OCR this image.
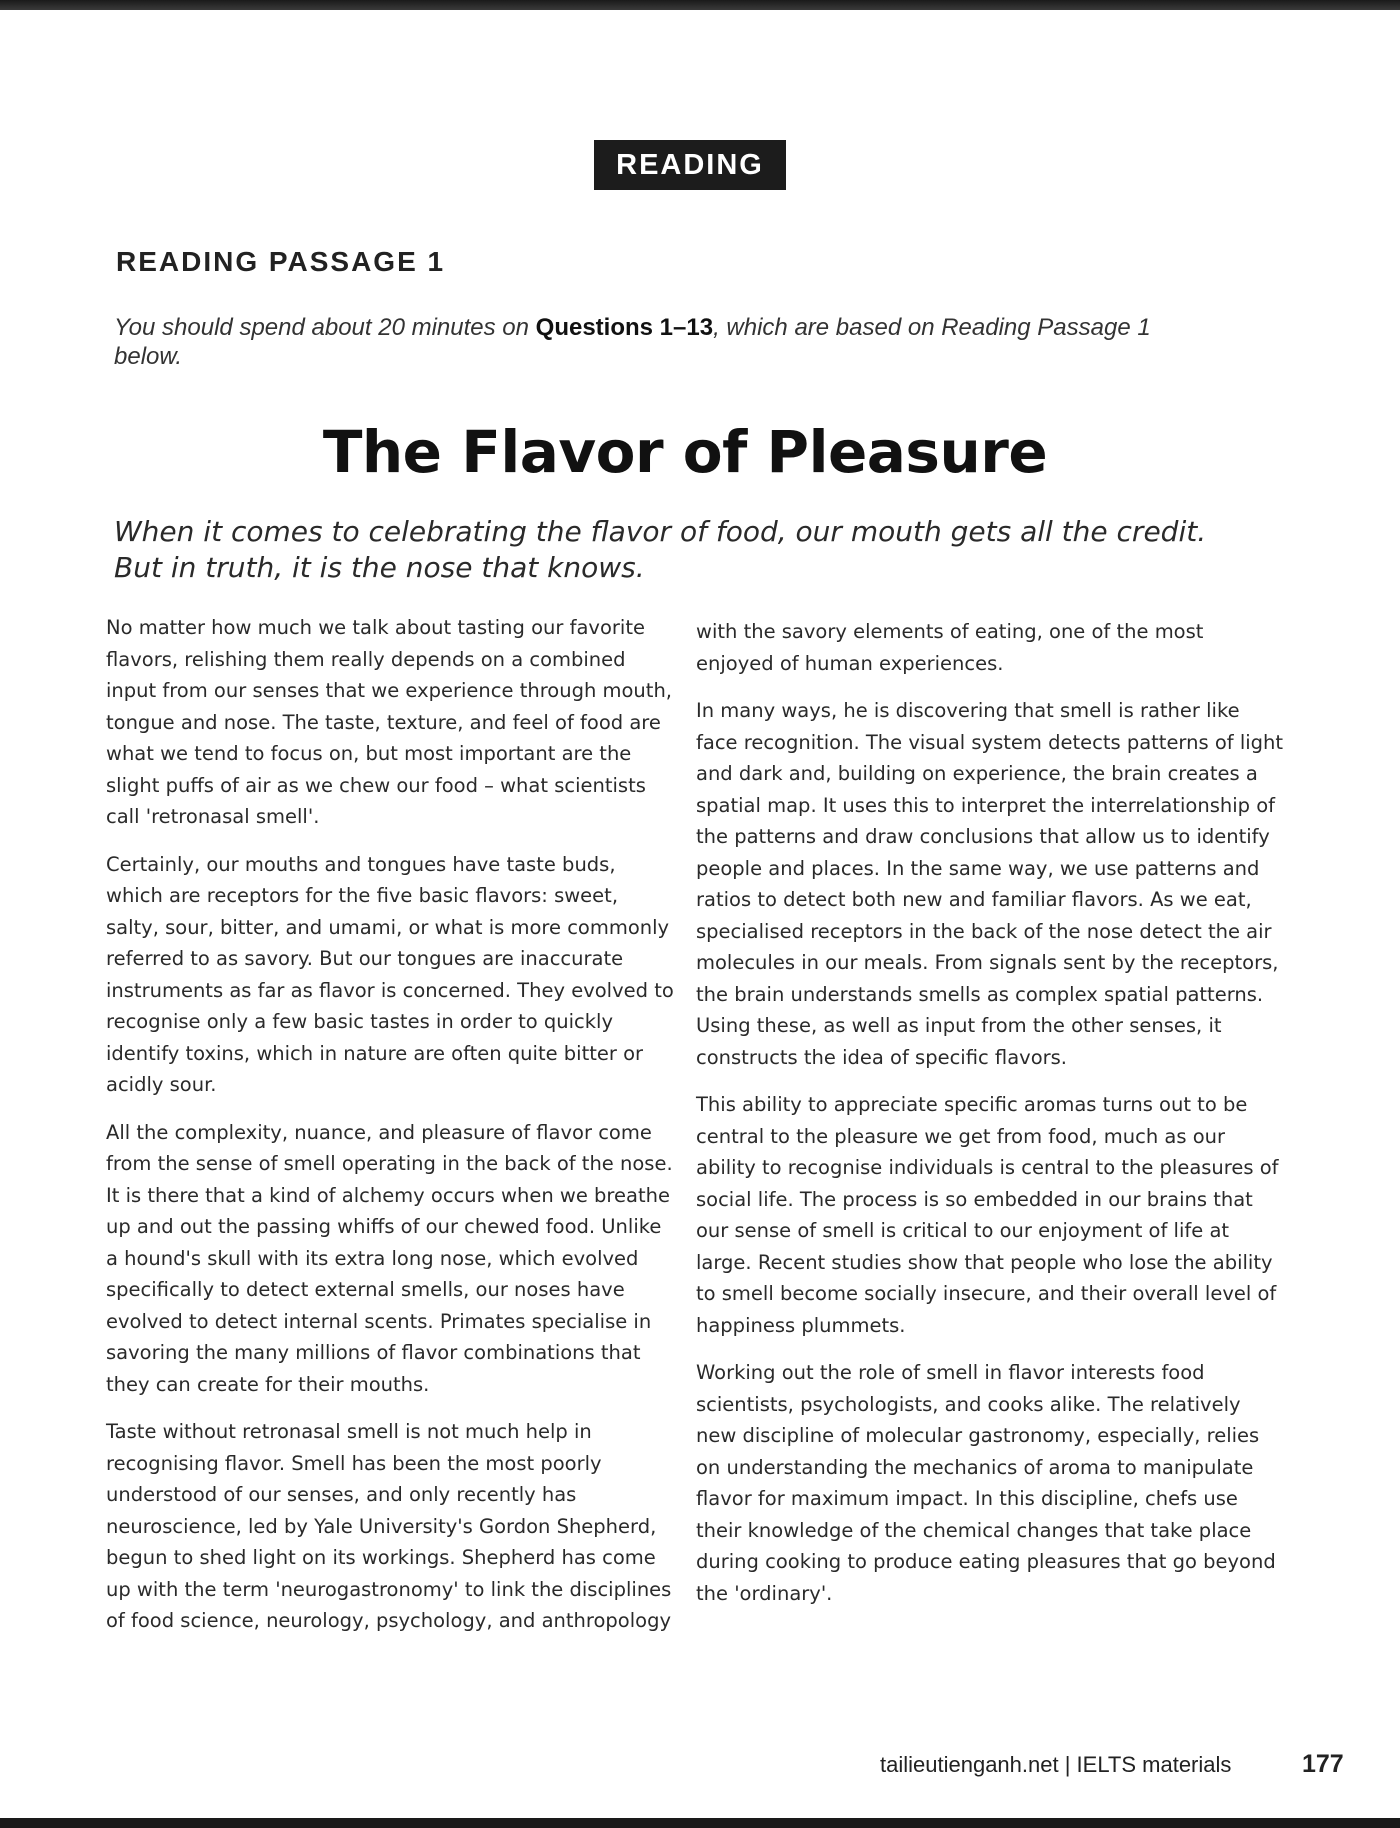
READING
READING PASSAGE 1
You should spend about 20 minutes on Questions 1–13, which are based on Reading Passage 1 below.
The Flavor of Pleasure
When it comes to celebrating the flavor of food, our mouth gets all the credit. But in truth, it is the nose that knows.

No matter how much we talk about tasting our favorite flavors, relishing them really depends on a combined input from our senses that we experience through mouth, tongue and nose. The taste, texture, and feel of food are what we tend to focus on, but most important are the slight puffs of air as we chew our food – what scientists call 'retronasal smell'.

Certainly, our mouths and tongues have taste buds, which are receptors for the five basic flavors: sweet, salty, sour, bitter, and umami, or what is more commonly referred to as savory. But our tongues are inaccurate instruments as far as flavor is concerned. They evolved to recognise only a few basic tastes in order to quickly identify toxins, which in nature are often quite bitter or acidly sour.

All the complexity, nuance, and pleasure of flavor come from the sense of smell operating in the back of the nose. It is there that a kind of alchemy occurs when we breathe up and out the passing whiffs of our chewed food. Unlike a hound's skull with its extra long nose, which evolved specifically to detect external smells, our noses have evolved to detect internal scents. Primates specialise in savoring the many millions of flavor combinations that they can create for their mouths.

Taste without retronasal smell is not much help in recognising flavor. Smell has been the most poorly understood of our senses, and only recently has neuroscience, led by Yale University's Gordon Shepherd, begun to shed light on its workings. Shepherd has come up with the term 'neurogastronomy' to link the disciplines of food science, neurology, psychology, and anthropology

with the savory elements of eating, one of the most enjoyed of human experiences.

In many ways, he is discovering that smell is rather like face recognition. The visual system detects patterns of light and dark and, building on experience, the brain creates a spatial map. It uses this to interpret the interrelationship of the patterns and draw conclusions that allow us to identify people and places. In the same way, we use patterns and ratios to detect both new and familiar flavors. As we eat, specialised receptors in the back of the nose detect the air molecules in our meals. From signals sent by the receptors, the brain understands smells as complex spatial patterns. Using these, as well as input from the other senses, it constructs the idea of specific flavors.

This ability to appreciate specific aromas turns out to be central to the pleasure we get from food, much as our ability to recognise individuals is central to the pleasures of social life. The process is so embedded in our brains that our sense of smell is critical to our enjoyment of life at large. Recent studies show that people who lose the ability to smell become socially insecure, and their overall level of happiness plummets.

Working out the role of smell in flavor interests food scientists, psychologists, and cooks alike. The relatively new discipline of molecular gastronomy, especially, relies on understanding the mechanics of aroma to manipulate flavor for maximum impact. In this discipline, chefs use their knowledge of the chemical changes that take place during cooking to produce eating pleasures that go beyond the 'ordinary'.

tailieutienganh.net | IELTS materials	177
